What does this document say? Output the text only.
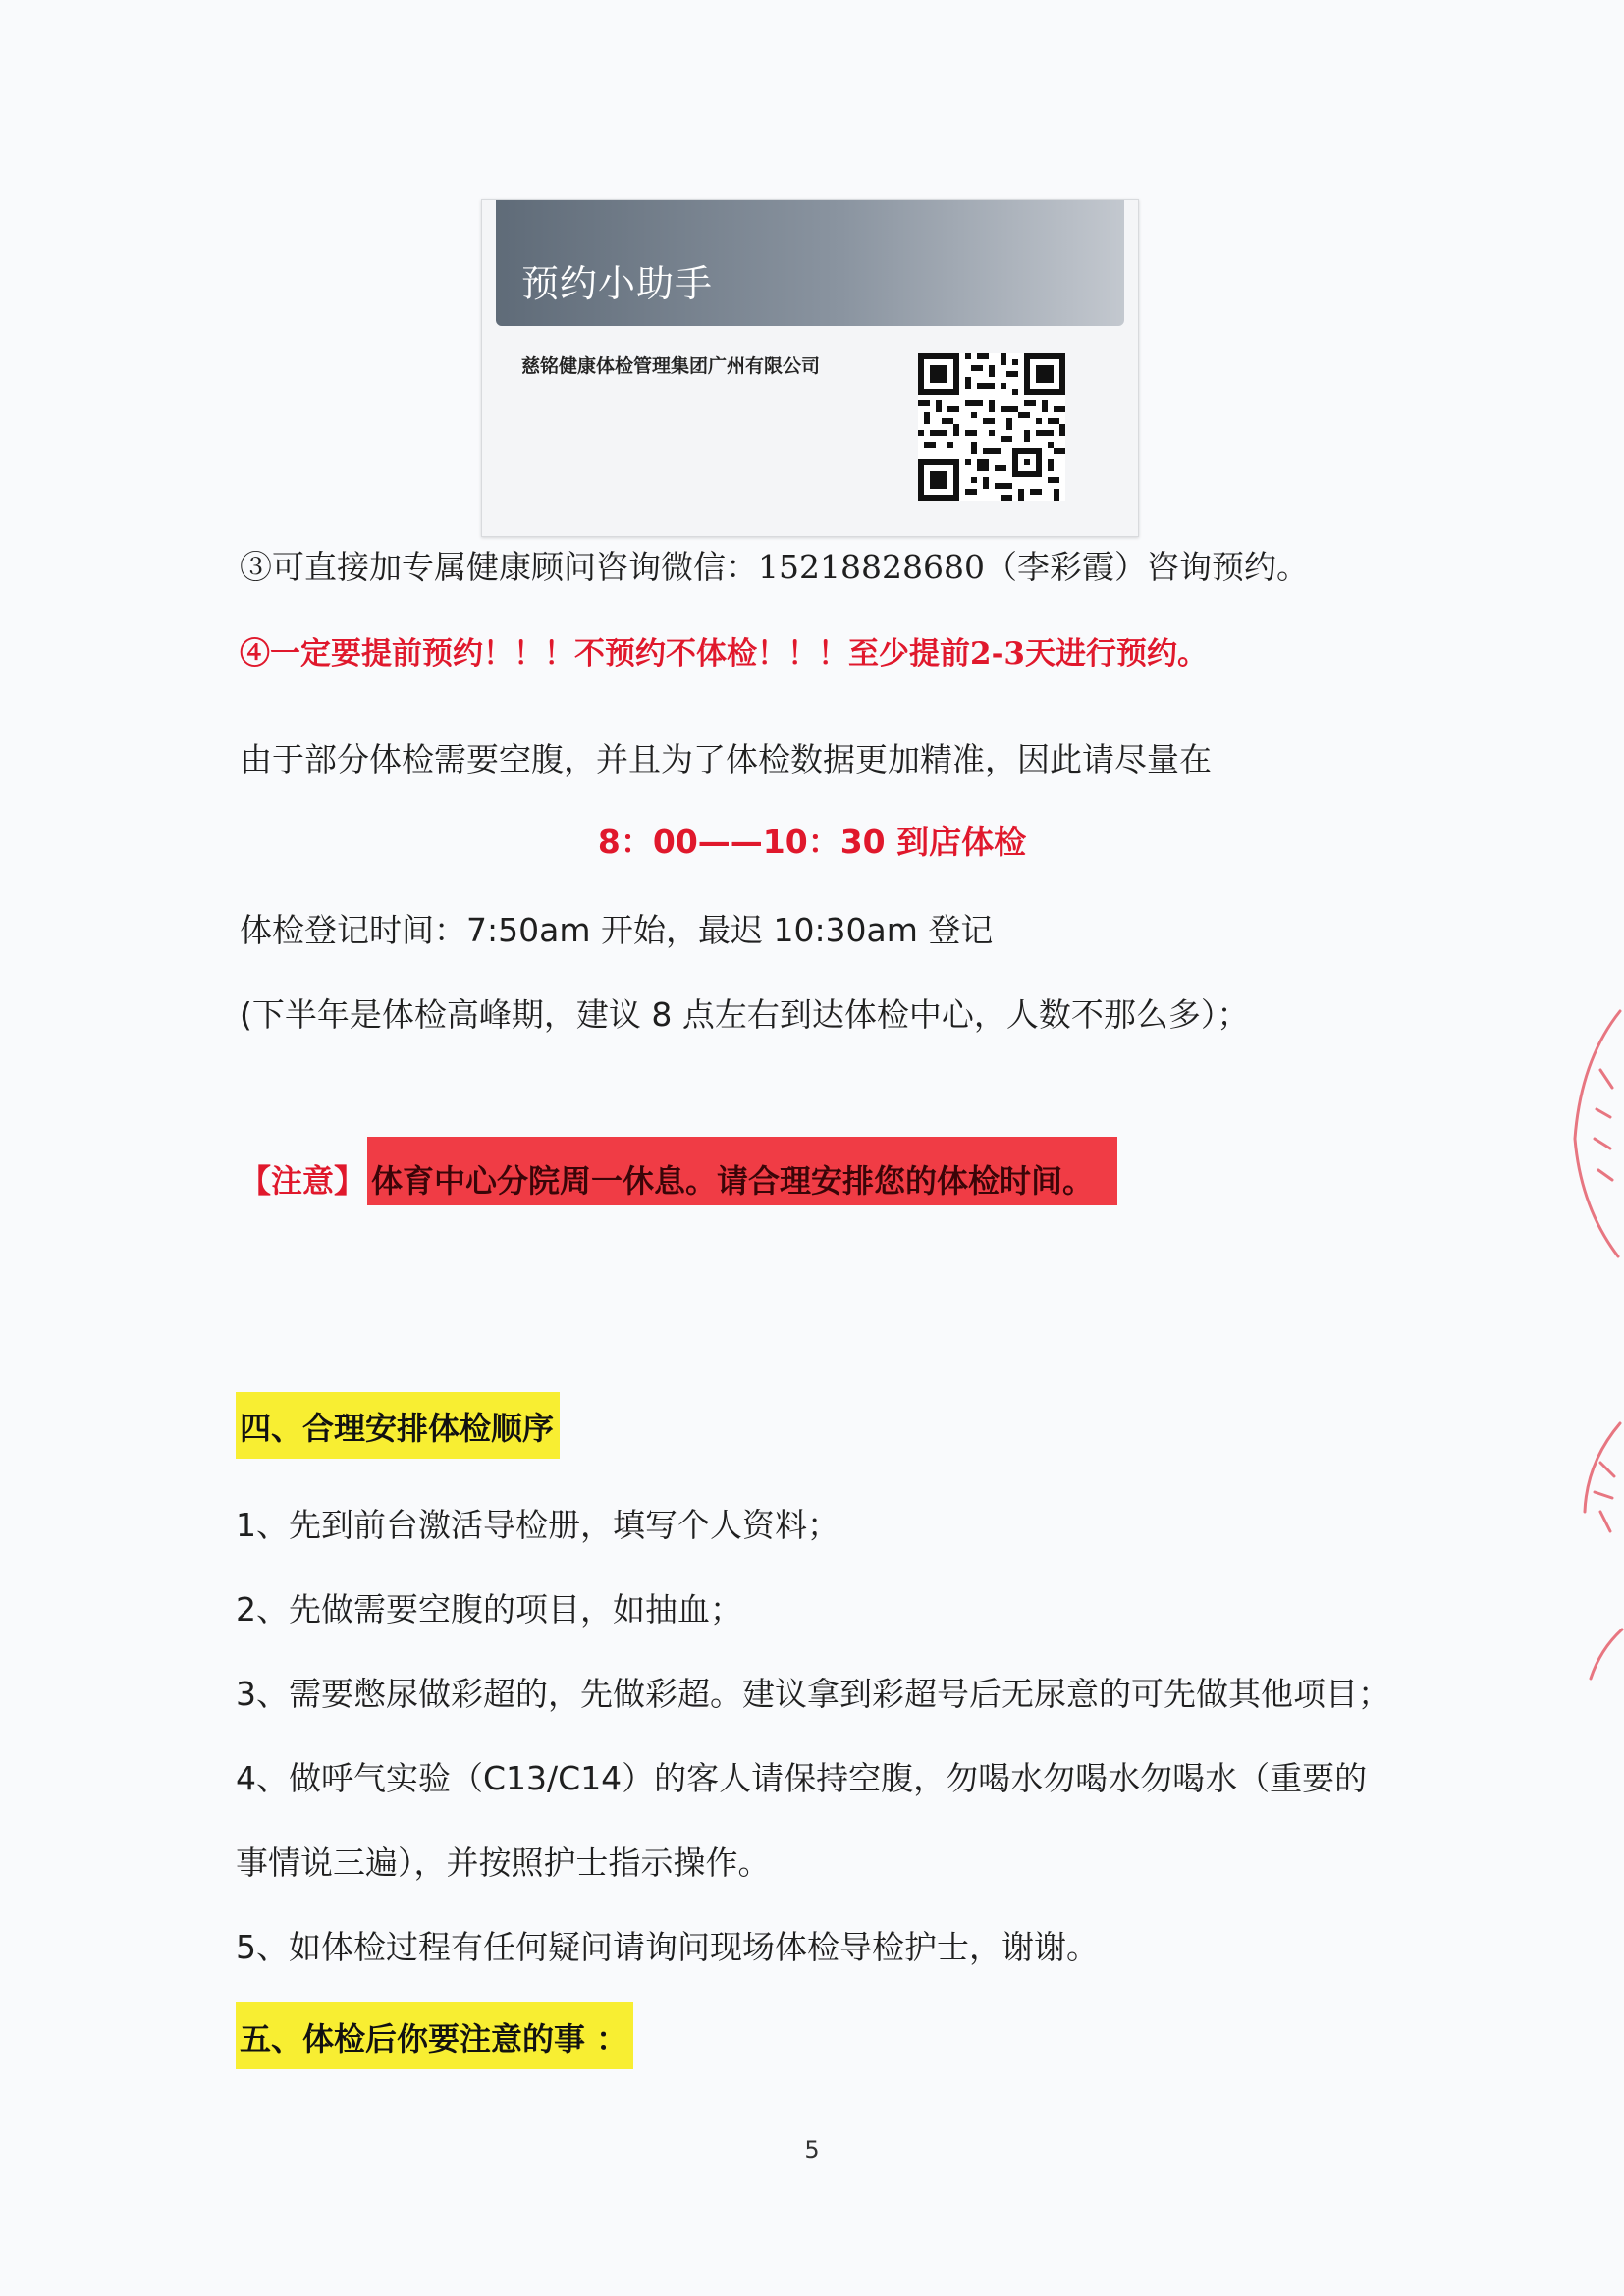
预约小助手
慈铭健康体检管理集团广州有限公司
③可直接加专属健康顾问咨询微信：15218828680（李彩霞）咨询预约。
④一定要提前预约！！！不预约不体检！！！至少提前2-3天进行预约。
由于部分体检需要空腹，并且为了体检数据更加精准，因此请尽量在
8：00——10：30 到店体检
体检登记时间：7:50am 开始，最迟 10:30am 登记
(下半年是体检高峰期，建议 8 点左右到达体检中心，人数不那么多）；
【注意】 体育中心分院周一休息。请合理安排您的体检时间。
四、合理安排体检顺序
1、先到前台激活导检册，填写个人资料；
2、先做需要空腹的项目，如抽血；
3、需要憋尿做彩超的，先做彩超。建议拿到彩超号后无尿意的可先做其他项目；
4、做呼气实验（C13/C14）的客人请保持空腹，勿喝水勿喝水勿喝水（重要的
事情说三遍），并按照护士指示操作。
5、如体检过程有任何疑问请询问现场体检导检护士，谢谢。
五、体检后你要注意的事 ：
5
